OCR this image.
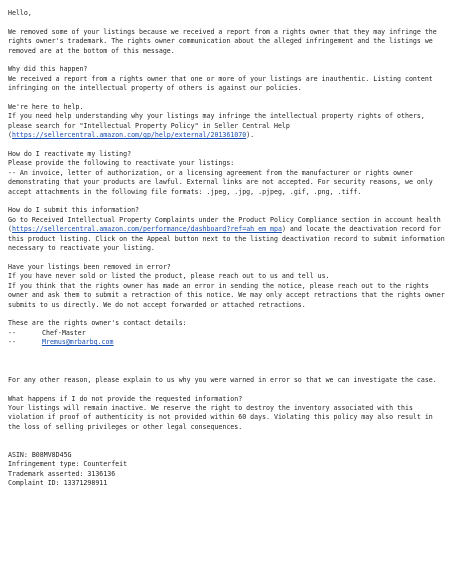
Hello,

We removed some of your listings because we received a report from a rights owner that they may infringe the rights owner's trademark. The rights owner communication about the alleged infringement and the listings we removed are at the bottom of this message.

Why did this happen?

We received a report from a rights owner that one or more of your listings are inauthentic. Listing content infringing on the intellectual property of others is against our policies.

We're here to help.

If you need help understanding why your listings may infringe the intellectual property rights of others, please search for "Intellectual Property Policy" in Seller Central Help (https://sellercentral.amazon.com/gp/help/external/201361070).

How do I reactivate my listing?

Please provide the following to reactivate your listings:

-- An invoice, letter of authorization, or a licensing agreement from the manufacturer or rights owner demonstrating that your products are lawful. External links are not accepted. For security reasons, we only accept attachments in the following file formats: .jpeg, .jpg, .pjpeg, .gif, .png, .tiff.

How do I submit this information?

Go to Received Intellectual Property Complaints under the Product Policy Compliance section in account health (https://sellercentral.amazon.com/performance/dashboard?ref=ah_em_mpa) and locate the deactivation record for this product listing. Click on the Appeal button next to the listing deactivation record to submit information necessary to reactivate your listing.

Have your listings been removed in error?

If you have never sold or listed the product, please reach out to us and tell us.

If you think that the rights owner has made an error in sending the notice, please reach out to the rights owner and ask them to submit a retraction of this notice. We may only accept retractions that the rights owner submits to us directly. We do not accept forwarded or attached retractions.

These are the rights owner's contact details:

--	Chef-Master
--	Mremus@mrbarbq.com

For any other reason, please explain to us why you were warned in error so that we can investigate the case.

What happens if I do not provide the requested information?

Your listings will remain inactive. We reserve the right to destroy the inventory associated with this violation if proof of authenticity is not provided within 60 days. Violating this policy may also result in the loss of selling privileges or other legal consequences.

ASIN: B08MV8D45G

Infringement type: Counterfeit

Trademark asserted: 3136136

Complaint ID: 13371298911
